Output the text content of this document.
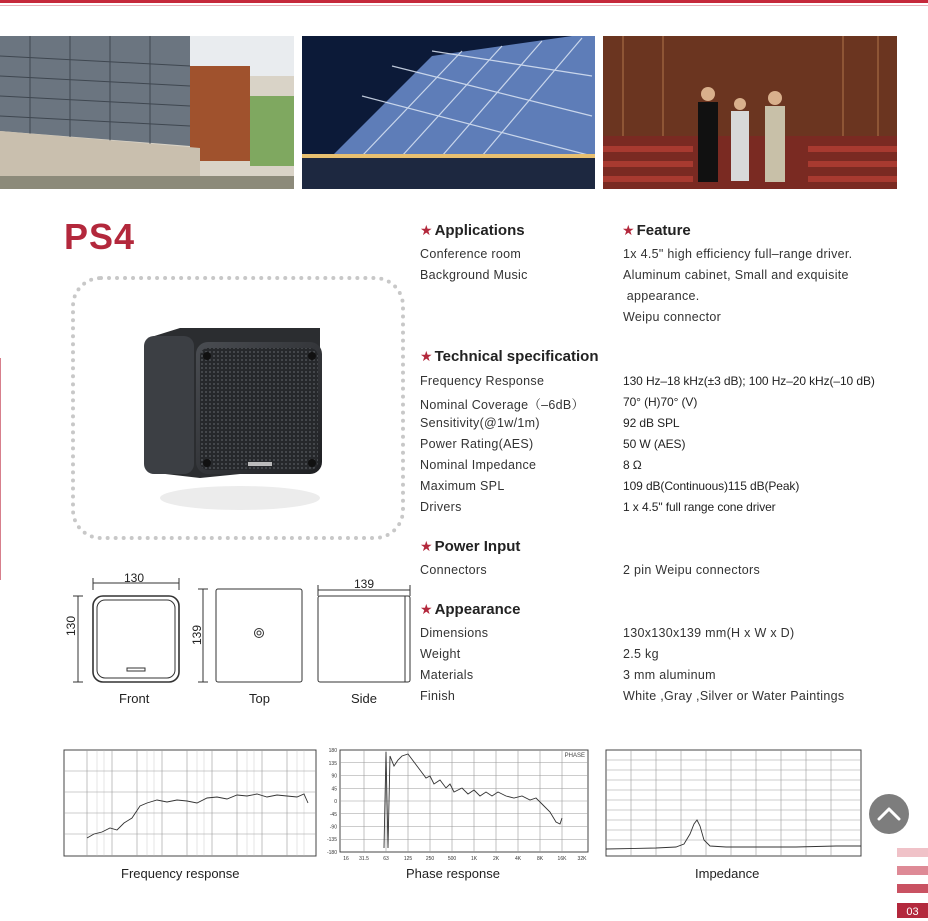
PS4
130
130	139
139
Front	Top	Side
★ Applications
Conference room
Background Music
★ Feature
1x 4.5" high efficiency full–range driver.
Aluminum cabinet, Small and exquisite
appearance.
Weipu connector
★ Technical specification
Frequency Response	130 Hz–18 kHz(±3 dB); 100 Hz–20 kHz(–10 dB)
Nominal Coverage（–6dB）	70° (H)70° (V)
Sensitivity(@1w/1m)	92 dB SPL
Power Rating(AES)	50 W (AES)
Nominal Impedance	8 Ω
Maximum SPL	109 dB(Continuous)115 dB(Peak)
Drivers	1 x 4.5" full range cone driver
★ Power Input
Connectors	2 pin Weipu connectors
★ Appearance
Dimensions	130x130x139 mm(H x W x D)
Weight	2.5 kg
Materials	3 mm aluminum
Finish	White ,Gray ,Silver or Water Paintings
Frequency response
180
135
90
45
0
-45
-90
-135
-180
16 31.5	63	125	250	500	1K	2K	4K	8K	16K 32K
PHASE
Phase response	Impedance
03
